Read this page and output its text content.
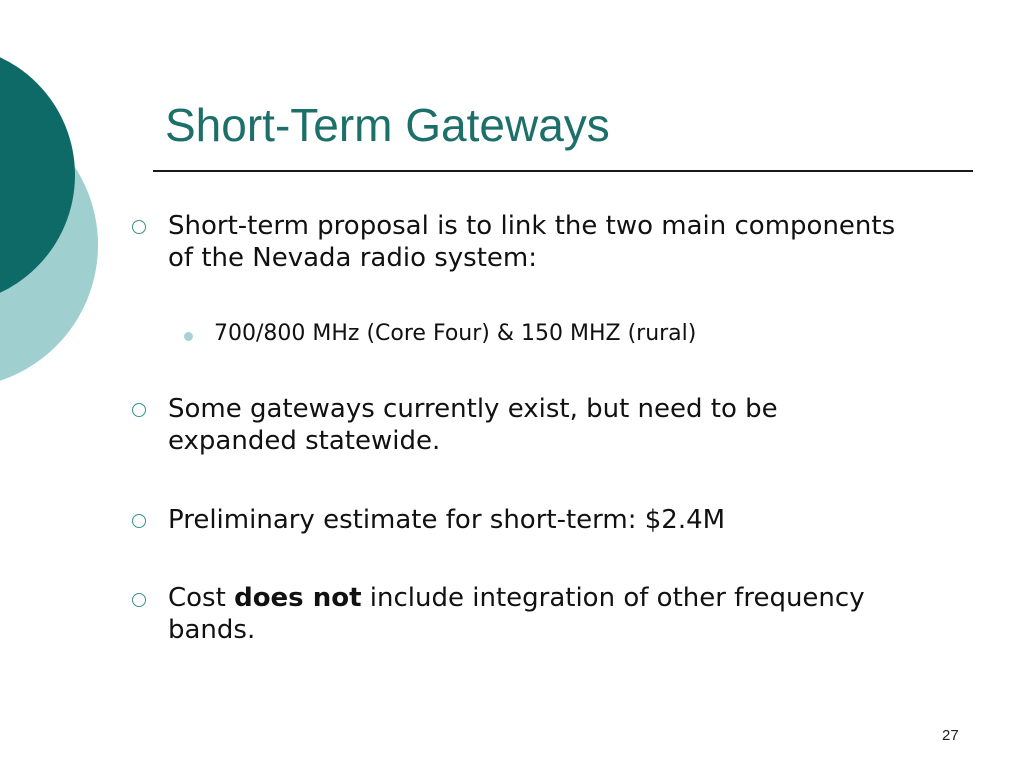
Short-Term Gateways
Short-term proposal is to link the two main components of the Nevada radio system:
700/800 MHz (Core Four) & 150 MHZ (rural)
Some gateways currently exist, but need to be expanded statewide.
Preliminary estimate for short-term: $2.4M
Cost does not include integration of other frequency bands.
27
